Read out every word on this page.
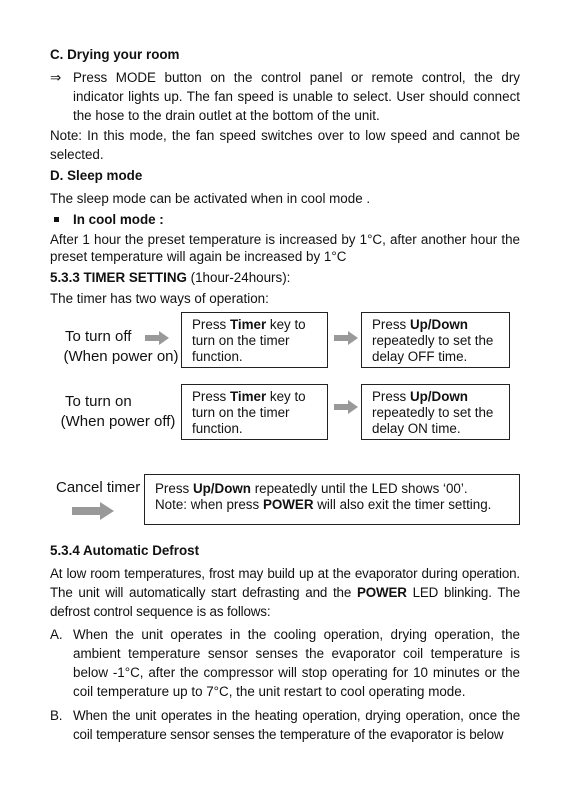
C. Drying your room
⇒ Press MODE button on the control panel or remote control, the dry indicator lights up. The fan speed is unable to select. User should connect the hose to the drain outlet at the bottom of the unit.
Note: In this mode, the fan speed switches over to low speed and cannot be selected.
D. Sleep mode
The sleep mode can be activated when in cool mode .
In cool mode :
After 1 hour the preset temperature is increased by 1°C, after another hour the preset temperature will again be increased by 1°C
5.3.3 TIMER SETTING (1hour-24hours):
The timer has two ways of operation:
To turn off
(When power on)
Press Timer key to turn on the timer function.
Press Up/Down repeatedly to set the delay OFF time.
To turn on
(When power off)
Press Timer key to turn on the timer function.
Press Up/Down repeatedly to set the delay ON time.
Cancel timer	Press Up/Down repeatedly until the LED shows ‘00’.
Note: when press POWER will also exit the timer setting.
5.3.4 Automatic Defrost
At low room temperatures, frost may build up at the evaporator during operation. The unit will automatically start defrasting and the POWER LED blinking. The defrost control sequence is as follows:
A. When the unit operates in the cooling operation, drying operation, the ambient temperature sensor senses the evaporator coil temperature is below -1°C, after the compressor will stop operating for 10 minutes or the coil temperature up to 7°C, the unit restart to cool operating mode.
B. When the unit operates in the heating operation, drying operation, once the coil temperature sensor senses the temperature of the evaporator is below
